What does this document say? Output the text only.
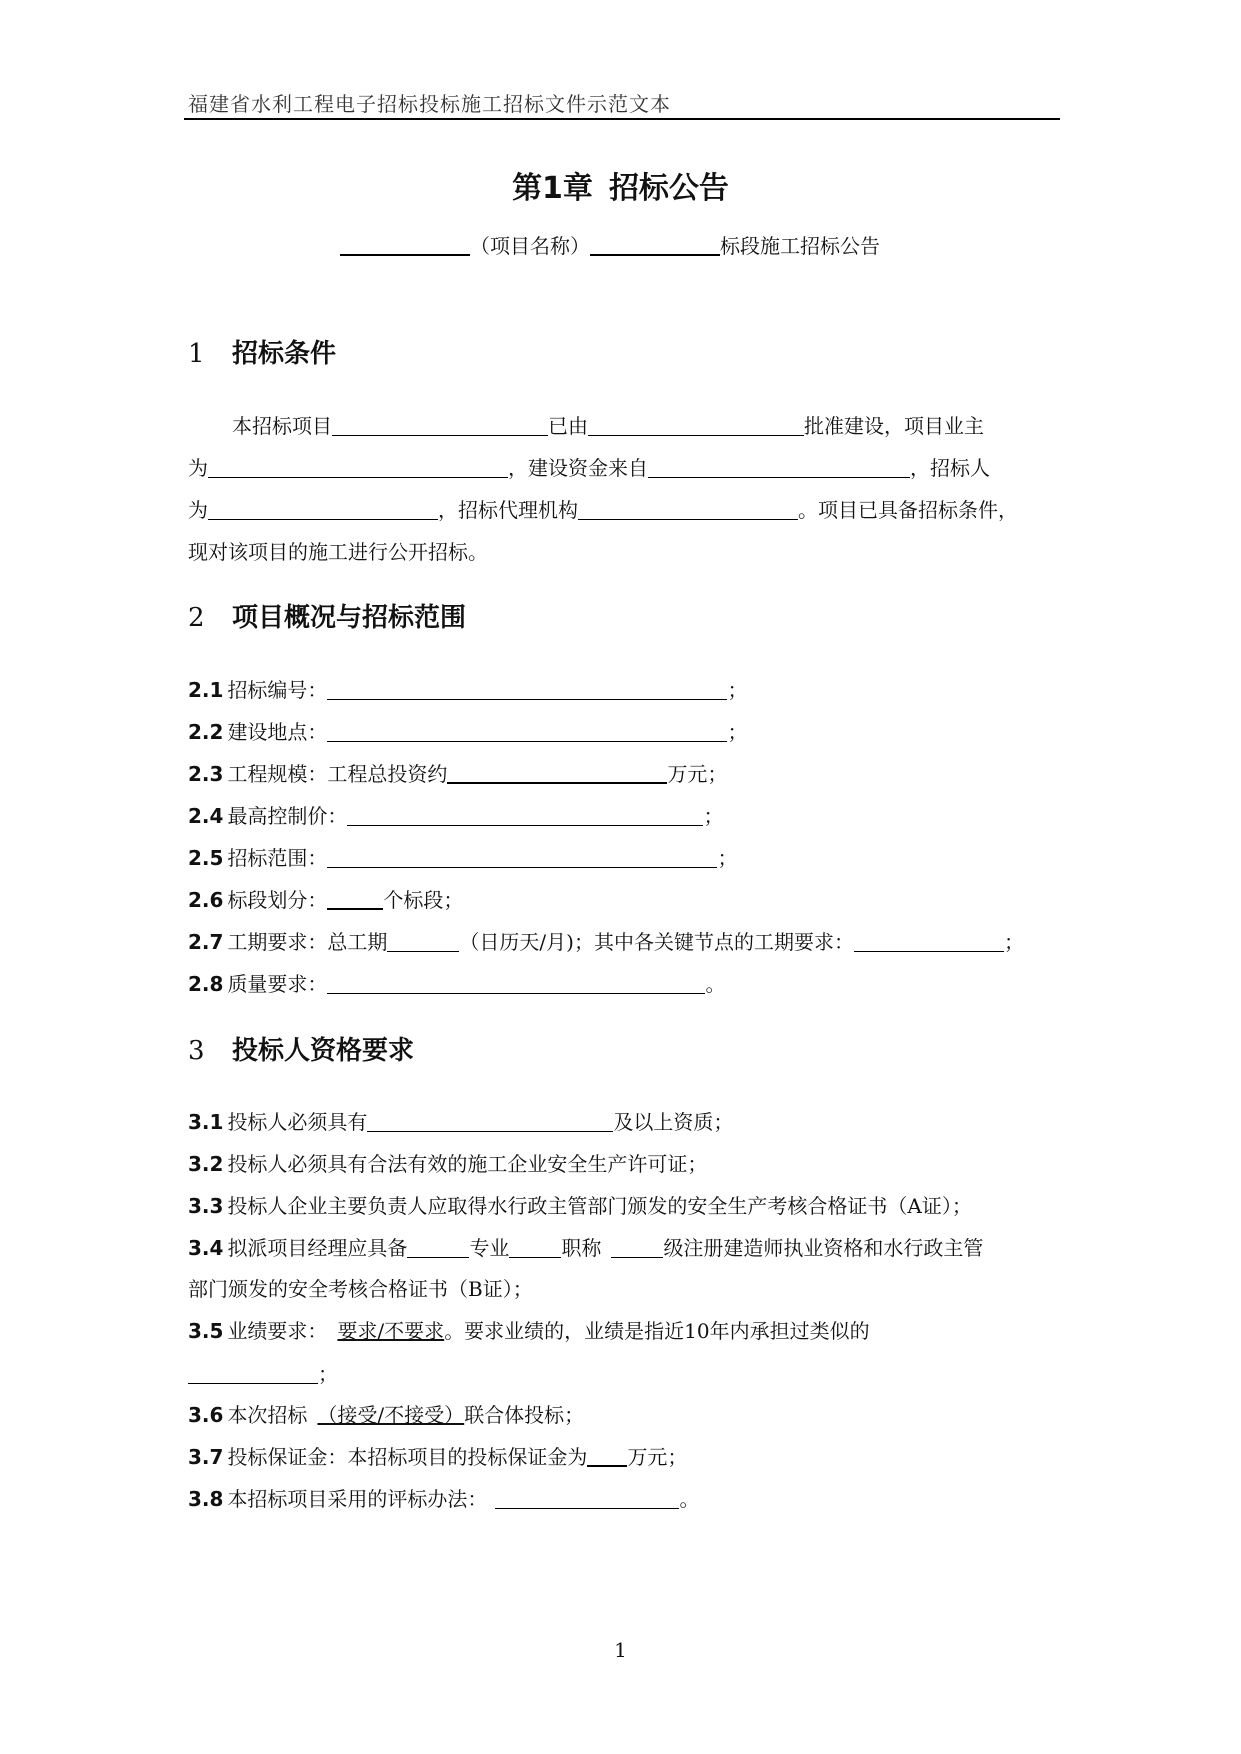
福建省水利工程电子招标投标施工招标文件示范文本
第1章 招标公告
（项目名称）	标段施工招标公告
1 招标条件
本招标项目	已由	批准建设，项目业主
为	，建设资金来自	，招标人
为	，招标代理机构	。项目已具备招标条件，
现对该项目的施工进行公开招标。
2 项目概况与招标范围
2.1 招标编号：	；
2.2 建设地点：	；
2.3 工程规模：工程总投资约	万元；
2.4 最高控制价：	；
2.5 招标范围：	；
2.6 标段划分：	个标段；
2.7 工期要求：总工期	（日历天/月)；其中各关键节点的工期要求：	；
2.8 质量要求：	。
3 投标人资格要求
3.1 投标人必须具有	及以上资质；
3.2 投标人必须具有合法有效的施工企业安全生产许可证；
3.3 投标人企业主要负责人应取得水行政主管部门颁发的安全生产考核合格证书（A证）；
3.4 拟派项目经理应具备	专业	职称	级注册建造师执业资格和水行政主管
部门颁发的安全考核合格证书（B证）；
3.5 业绩要求： 要求/不要求。要求业绩的，业绩是指近10年内承担过类似的
；
3.6 本次招标 （接受/不接受）联合体投标；
3.7 投标保证金：本招标项目的投标保证金为 万元；
3.8 本招标项目采用的评标办法：	。
1
